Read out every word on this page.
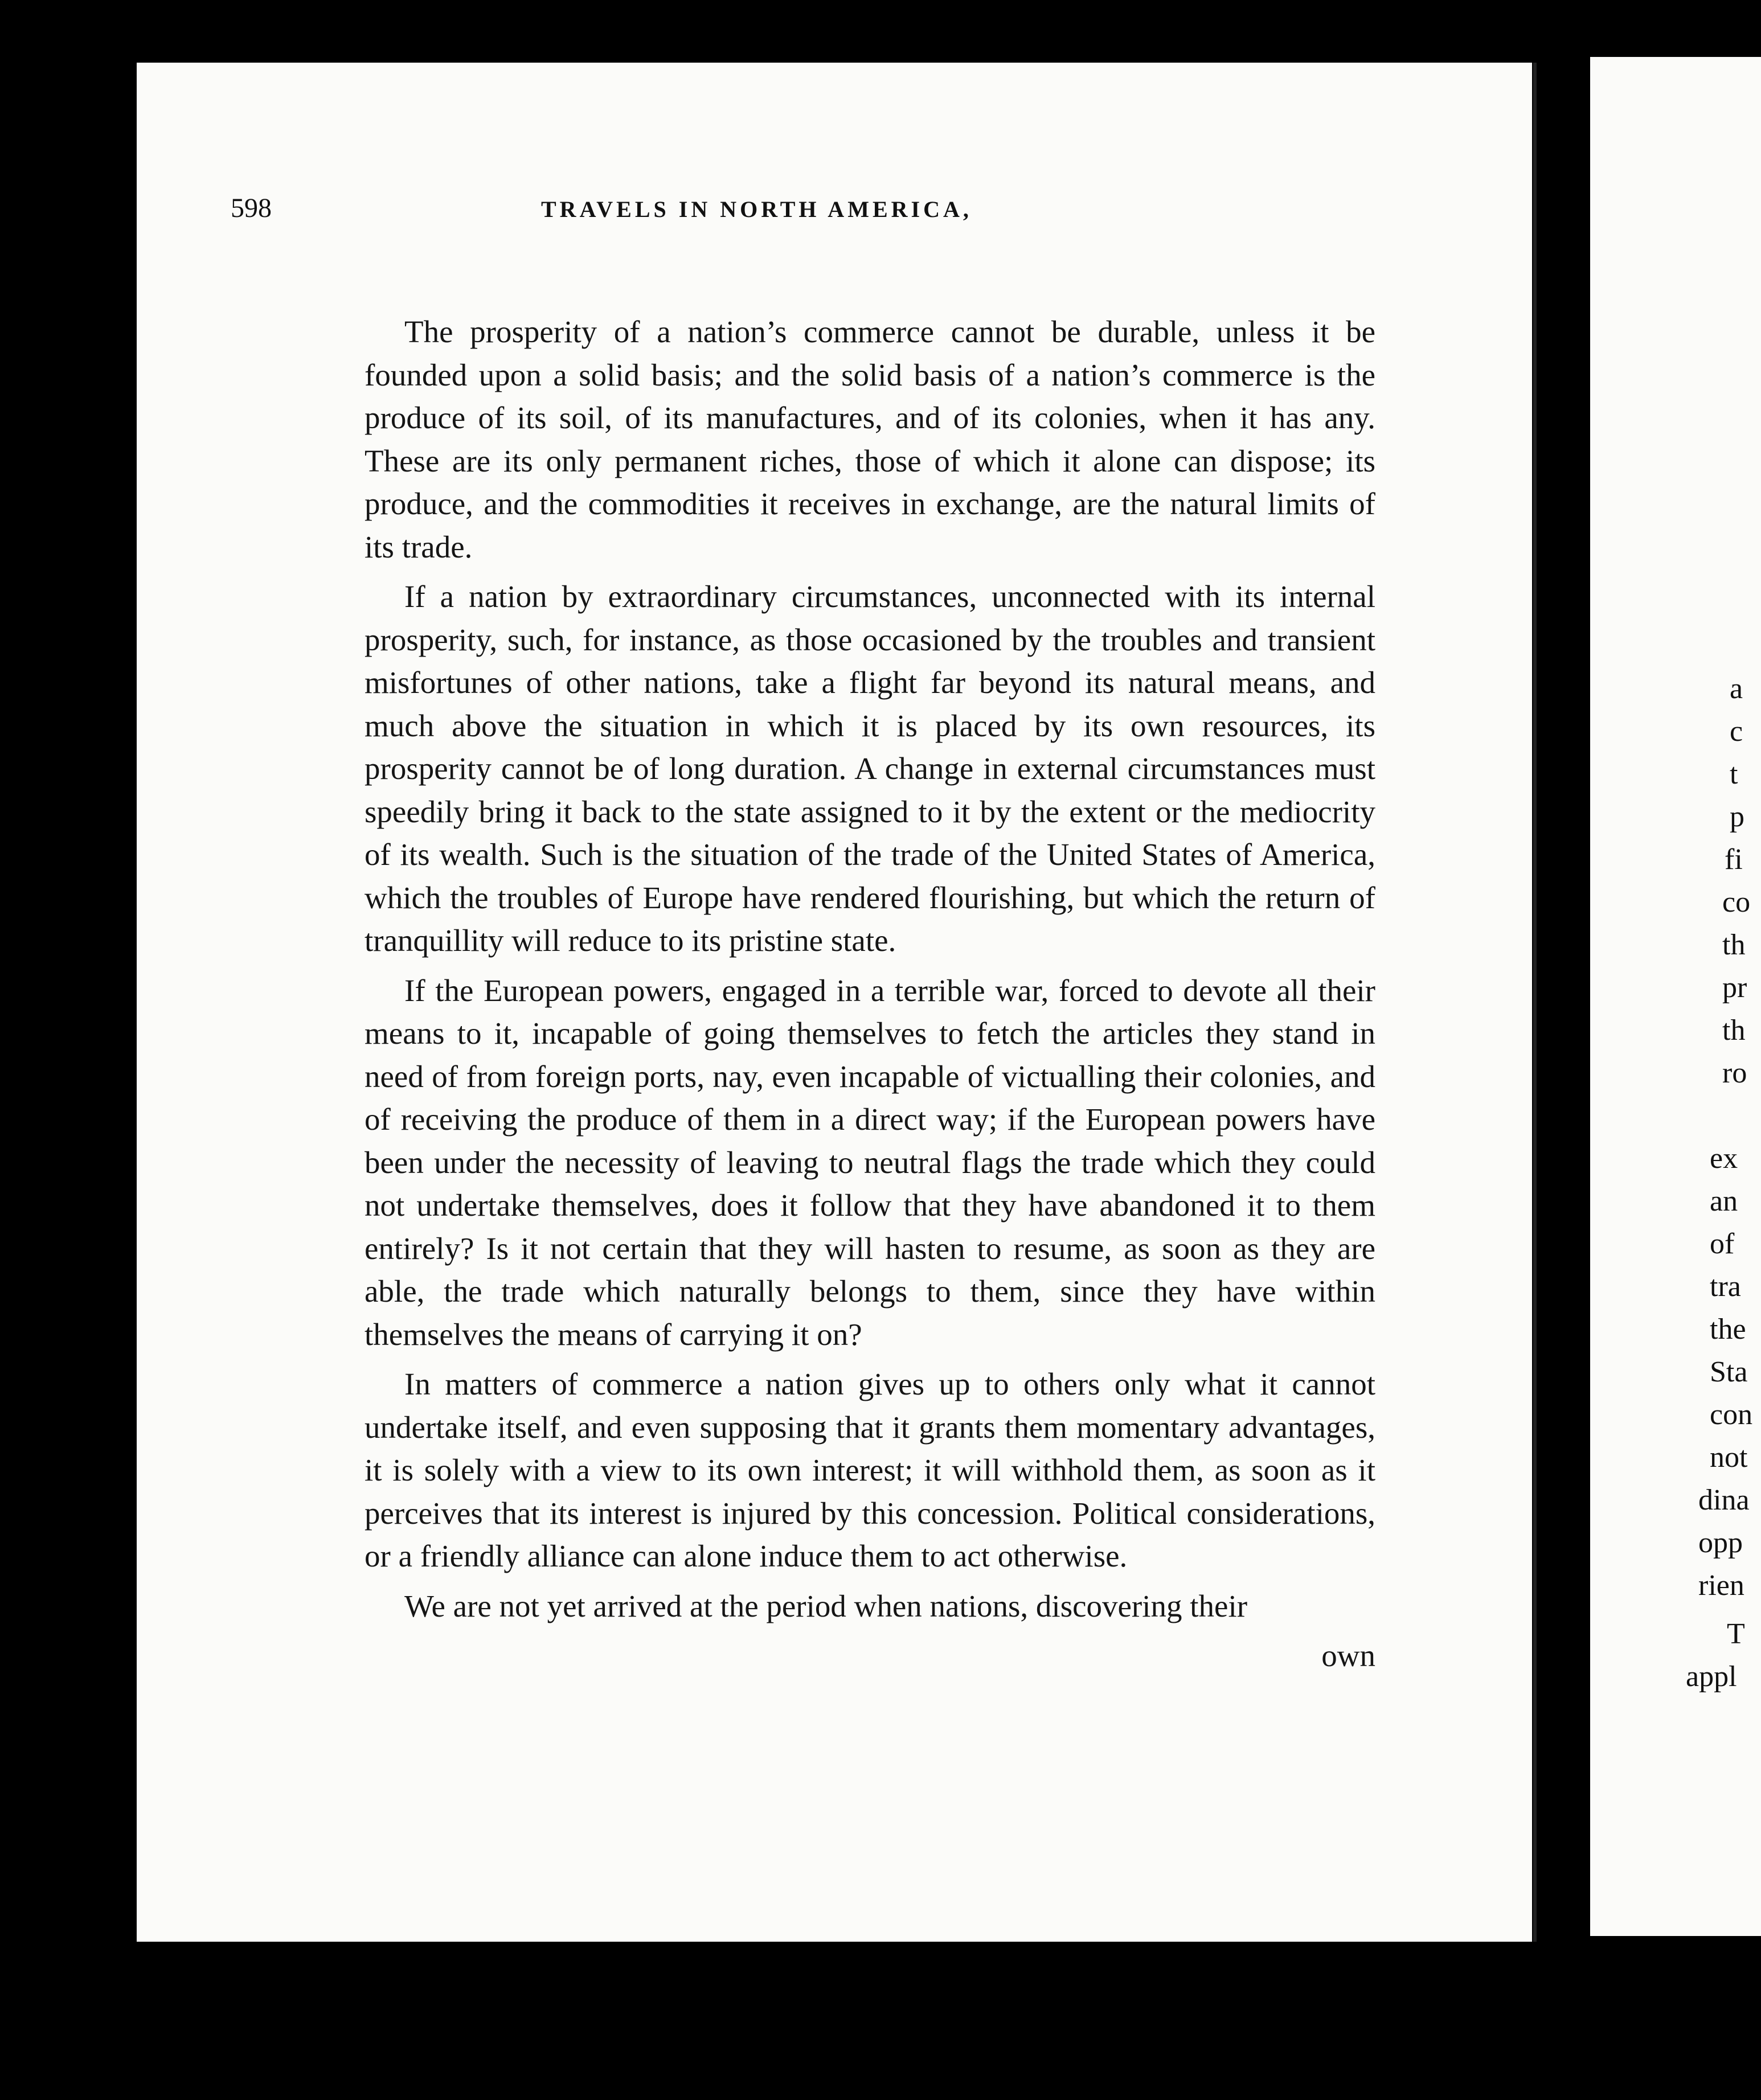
a
c
t
p
fi
co
th
pr
th
ro
ex
an
of
tra
the
Sta
con
not
dina
opp
rien
T
appl
598	TRAVELS IN NORTH AMERICA,

The prosperity of a nation’s commerce cannot be durable, unless it be founded upon a solid basis; and the solid basis of a nation’s commerce is the produce of its soil, of its manufactures, and of its colonies, when it has any. These are its only permanent riches, those of which it alone can dispose; its produce, and the commodities it receives in exchange, are the natural limits of its trade.

If a nation by extraordinary circumstances, unconnected with its internal prosperity, such, for instance, as those occasioned by the troubles and transient misfortunes of other nations, take a flight far beyond its natural means, and much above the situation in which it is placed by its own resources, its prosperity cannot be of long duration. A change in external circumstances must speedily bring it back to the state assigned to it by the extent or the mediocrity of its wealth. Such is the situation of the trade of the United States of America, which the troubles of Europe have rendered flourishing, but which the return of tranquillity will reduce to its pristine state.

If the European powers, engaged in a terrible war, forced to devote all their means to it, incapable of going themselves to fetch the articles they stand in need of from foreign ports, nay, even incapable of victualling their colonies, and of receiving the produce of them in a direct way; if the European powers have been under the necessity of leaving to neutral flags the trade which they could not undertake themselves, does it follow that they have abandoned it to them entirely? Is it not certain that they will hasten to resume, as soon as they are able, the trade which naturally belongs to them, since they have within themselves the means of carrying it on?

In matters of commerce a nation gives up to others only what it cannot undertake itself, and even supposing that it grants them momentary advantages, it is solely with a view to its own interest; it will withhold them, as soon as it perceives that its interest is injured by this concession. Political considerations, or a friendly alliance can alone induce them to act otherwise.

We are not yet arrived at the period when nations, discovering their

own
